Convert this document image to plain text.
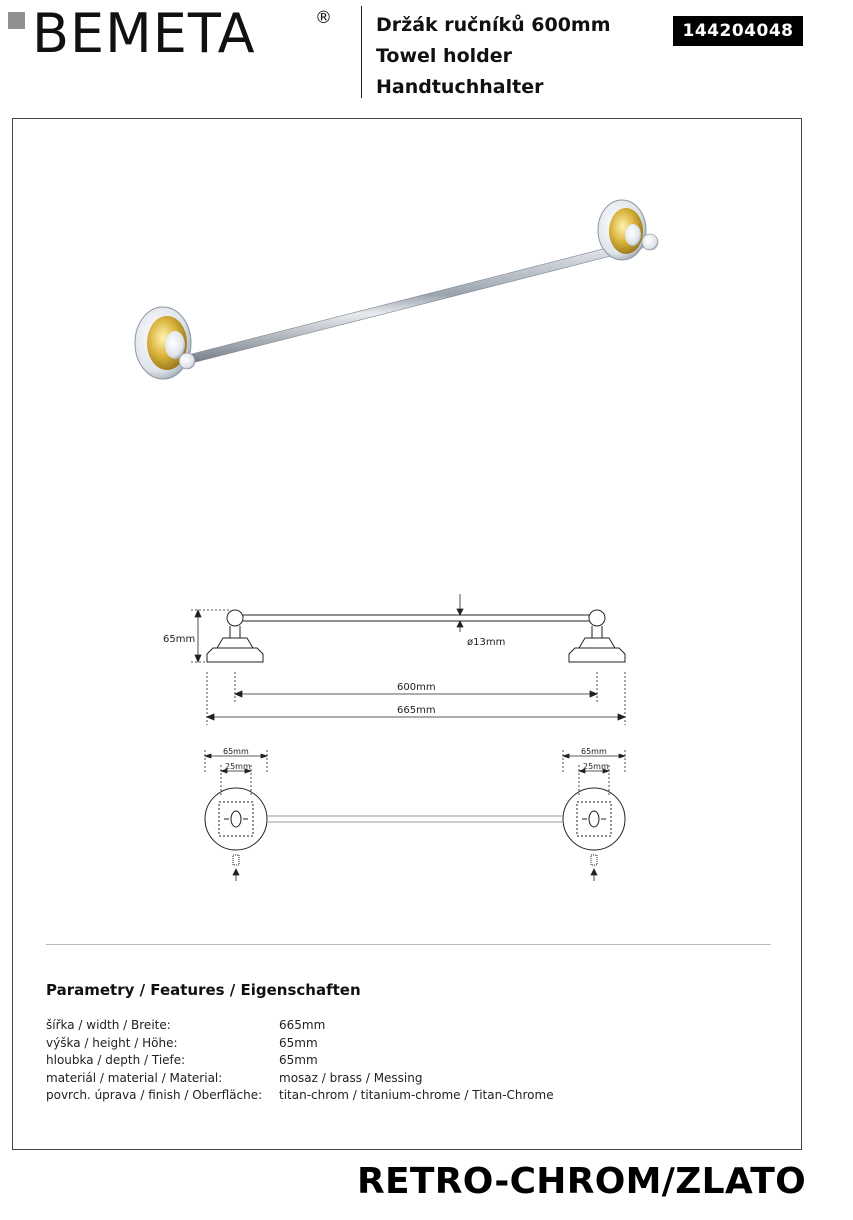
BEMETA	® Držák ručníků 600mm
Towel holder
Handtuchhalter
144204048
65mm	ø13mm
600mm
665mm
65mm
25mm
65mm
25mm
Parametry / Features / Eigenschaften
šířka / width / Breite:	665mm
výška / height / Höhe:	65mm
hloubka / depth / Tiefe:	65mm
materiál / material / Material:	mosaz / brass / Messing
povrch. úprava / finish / Oberfläche:	titan-chrom / titanium-chrome / Titan-Chrome
RETRO-CHROM/ZLATO
